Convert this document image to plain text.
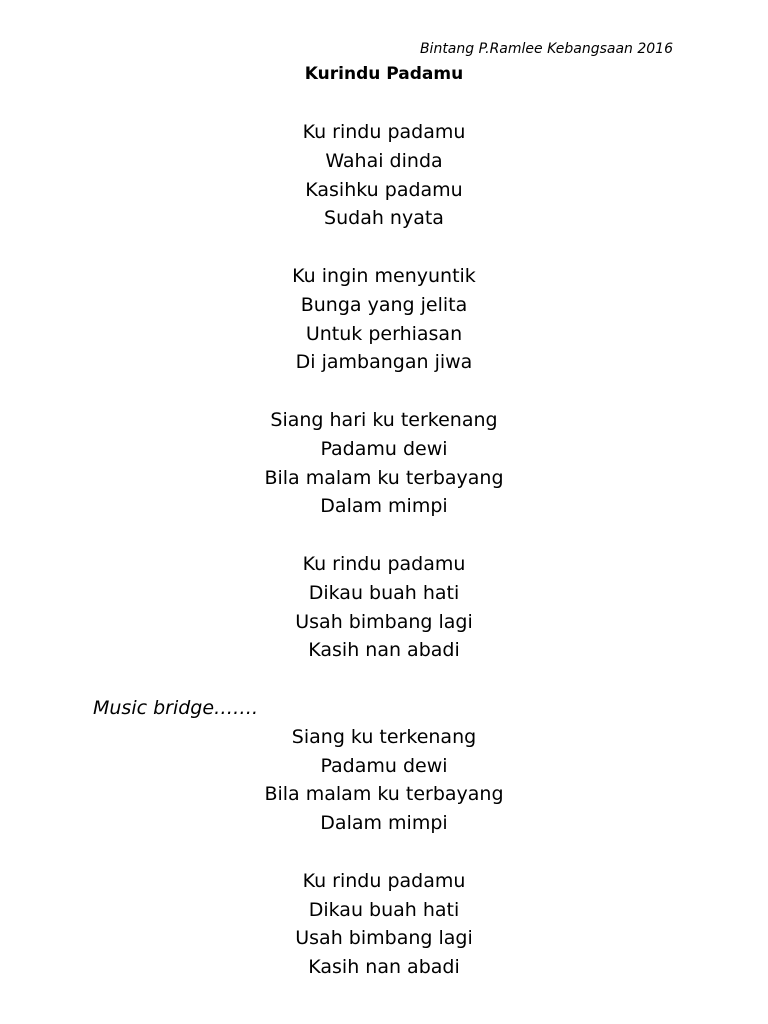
Bintang P.Ramlee Kebangsaan 2016
Kurindu Padamu
Ku rindu padamu
Wahai dinda
Kasihku padamu
Sudah nyata
Ku ingin menyuntik
Bunga yang jelita
Untuk perhiasan
Di jambangan jiwa
Siang hari ku terkenang
Padamu dewi
Bila malam ku terbayang
Dalam mimpi
Ku rindu padamu
Dikau buah hati
Usah bimbang lagi
Kasih nan abadi
Music bridge…….
Siang ku terkenang
Padamu dewi
Bila malam ku terbayang
Dalam mimpi
Ku rindu padamu
Dikau buah hati
Usah bimbang lagi
Kasih nan abadi
